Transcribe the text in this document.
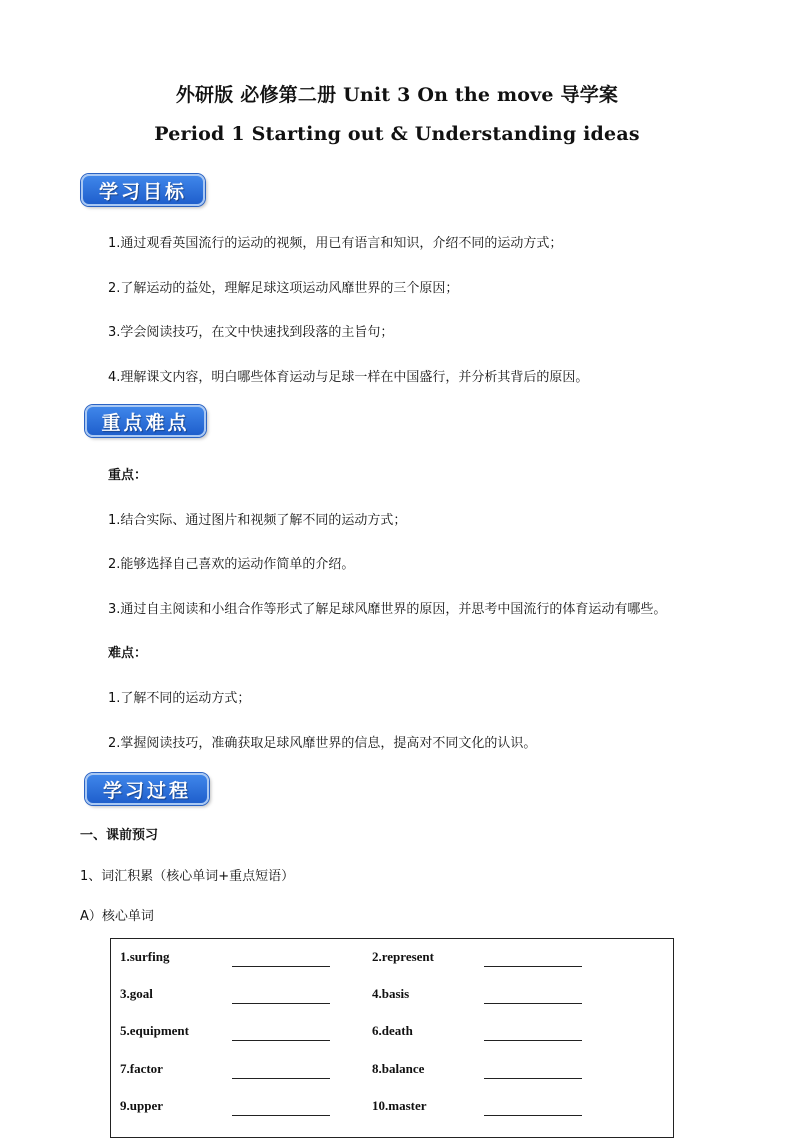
外研版 必修第二册 Unit 3 On the move 导学案
Period 1 Starting out & Understanding ideas
学习目标
1.通过观看英国流行的运动的视频，用已有语言和知识，介绍不同的运动方式；
2.了解运动的益处，理解足球这项运动风靡世界的三个原因；
3.学会阅读技巧，在文中快速找到段落的主旨句；
4.理解课文内容，明白哪些体育运动与足球一样在中国盛行，并分析其背后的原因。
重点难点
重点：
1.结合实际、通过图片和视频了解不同的运动方式；
2.能够选择自己喜欢的运动作简单的介绍。
3.通过自主阅读和小组合作等形式了解足球风靡世界的原因，并思考中国流行的体育运动有哪些。
难点：
1.了解不同的运动方式；
2.掌握阅读技巧，准确获取足球风靡世界的信息，提高对不同文化的认识。
学习过程
一、课前预习
1、词汇积累（核心单词+重点短语）
A）核心单词
1.surfing	2.represent
3.goal	4.basis
5.equipment	6.death
7.factor	8.balance
9.upper	10.master
